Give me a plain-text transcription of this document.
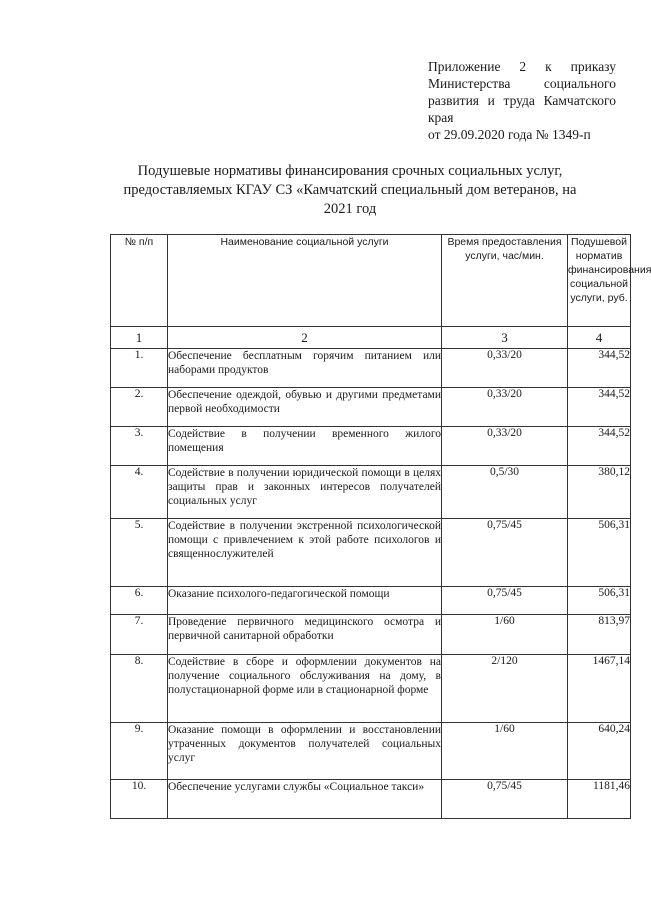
Приложение 2 к приказу
Министерства социального
развития и труда Камчатского
края
от 29.09.2020 года № 1349-п
Подушевые нормативы финансирования срочных социальных услуг,
предоставляемых КГАУ СЗ «Камчатский специальный дом ветеранов, на
2021 год
№ п/п	Наименование социальной услуги	Время предоставления услуги, час/мин.	Подушевой норматив финансирования социальной услуги, руб.
1	2	3	4
1.	Обеспечение бесплатным горячим питанием или наборами продуктов	0,33/20	344,52
2.	Обеспечение одеждой, обувью и другими предметами первой необходимости	0,33/20	344,52
3.	Содействие в получении временного жилого помещения	0,33/20	344,52
4.	Содействие в получении юридической помощи в целях защиты прав и законных интересов получателей социальных услуг	0,5/30	380,12
5.	Содействие в получении экстренной психологической помощи с привлечением к этой работе психологов и священнослужителей	0,75/45	506,31
6.	Оказание психолого-педагогической помощи	0,75/45	506,31
7.	Проведение первичного медицинского осмотра и первичной санитарной обработки	1/60	813,97
8.	Содействие в сборе и оформлении документов на получение социального обслуживания на дому, в полустационарной форме или в стационарной форме	2/120	1467,14
9.	Оказание помощи в оформлении и восстановлении утраченных документов получателей социальных услуг	1/60	640,24
10.	Обеспечение услугами службы «Социальное такси»	0,75/45	1181,46
